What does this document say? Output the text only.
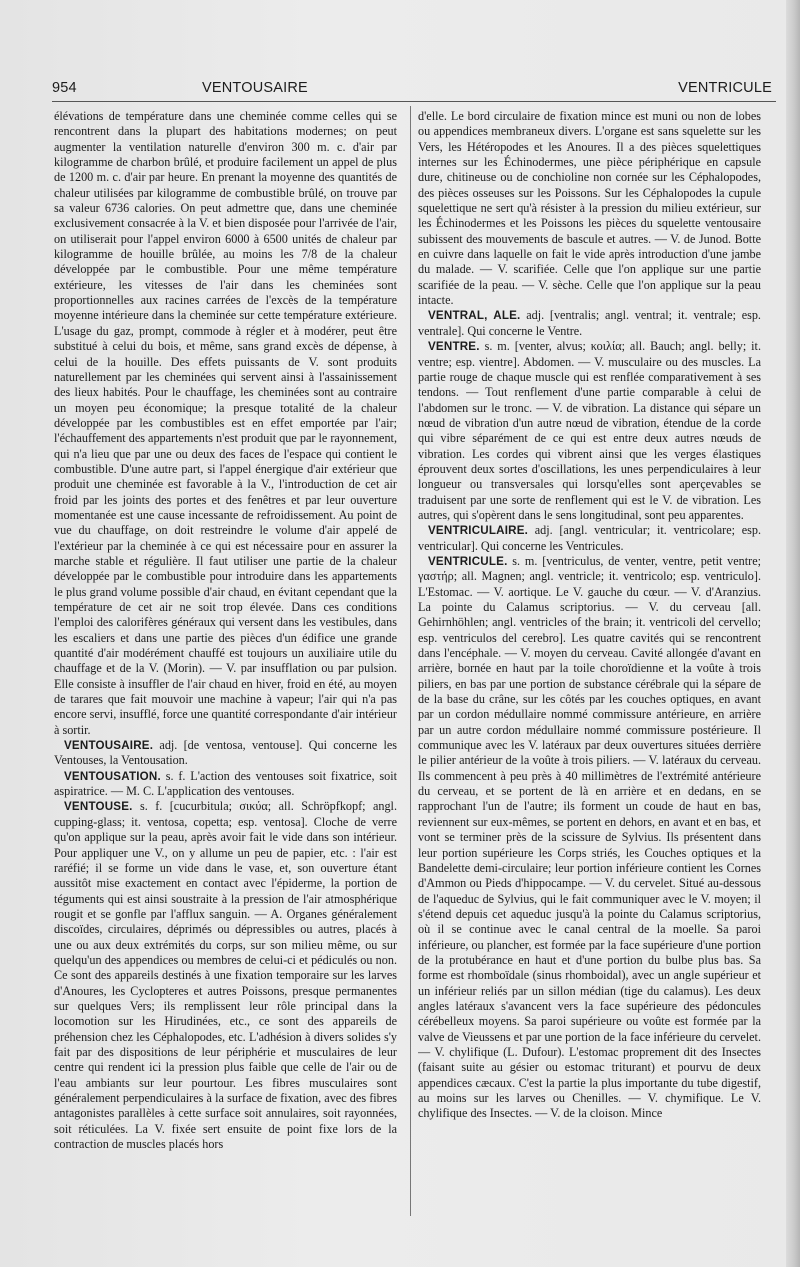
954	VENTOUSAIRE	VENTRICULE

élévations de température dans une cheminée comme celles qui se rencontrent dans la plupart des habitations modernes; on peut augmenter la ventilation naturelle d'environ 300 m. c. d'air par kilogramme de charbon brûlé, et produire facilement un appel de plus de 1200 m. c. d'air par heure. En prenant la moyenne des quantités de chaleur utilisées par kilogramme de combustible brûlé, on trouve par sa valeur 6736 calories. On peut admettre que, dans une cheminée exclusivement consacrée à la V. et bien disposée pour l'arrivée de l'air, on utiliserait pour l'appel environ 6000 à 6500 unités de chaleur par kilogramme de houille brûlée, au moins les 7/8 de la chaleur développée par le combustible. Pour une même température extérieure, les vitesses de l'air dans les cheminées sont proportionnelles aux racines carrées de l'excès de la température moyenne intérieure dans la cheminée sur cette température extérieure. L'usage du gaz, prompt, commode à régler et à modérer, peut être substitué à celui du bois, et même, sans grand excès de dépense, à celui de la houille. Des effets puissants de V. sont produits naturellement par les cheminées qui servent ainsi à l'assainissement des lieux habités. Pour le chauffage, les cheminées sont au contraire un moyen peu économique; la presque totalité de la chaleur développée par les combustibles est en effet emportée par l'air; l'échauffement des appartements n'est produit que par le rayonnement, qui n'a lieu que par une ou deux des faces de l'espace qui contient le combustible. D'une autre part, si l'appel énergique d'air extérieur que produit une cheminée est favorable à la V., l'introduction de cet air froid par les joints des portes et des fenêtres et par leur ouverture momentanée est une cause incessante de refroidissement. Au point de vue du chauffage, on doit restreindre le volume d'air appelé de l'extérieur par la cheminée à ce qui est nécessaire pour en assurer la marche stable et régulière. Il faut utiliser une partie de la chaleur développée par le combustible pour introduire dans les appartements le plus grand volume possible d'air chaud, en évitant cependant que la température de cet air ne soit trop élevée. Dans ces conditions l'emploi des calorifères généraux qui versent dans les vestibules, dans les escaliers et dans une partie des pièces d'un édifice une grande quantité d'air modérément chauffé est toujours un auxiliaire utile du chauffage et de la V. (Morin). — V. par insufflation ou par pulsion. Elle consiste à insuffler de l'air chaud en hiver, froid en été, au moyen de tarares que fait mouvoir une machine à vapeur; l'air qui n'a pas encore servi, insufflé, force une quantité correspondante d'air intérieur à sortir.

VENTOUSAIRE. adj. [de ventosa, ventouse]. Qui concerne les Ventouses, la Ventousation.

VENTOUSATION. s. f. L'action des ventouses soit fixatrice, soit aspiratrice. — M. C. L'application des ventouses.

VENTOUSE. s. f. [cucurbitula; σικύα; all. Schröpfkopf; angl. cupping-glass; it. ventosa, copetta; esp. ventosa]. Cloche de verre qu'on applique sur la peau, après avoir fait le vide dans son intérieur. Pour appliquer une V., on y allume un peu de papier, etc. : l'air est raréfié; il se forme un vide dans le vase, et, son ouverture étant aussitôt mise exactement en contact avec l'épiderme, la portion de téguments qui est ainsi soustraite à la pression de l'air atmosphérique rougit et se gonfle par l'afflux sanguin. — A. Organes généralement discoïdes, circulaires, déprimés ou dépressibles ou autres, placés à une ou aux deux extrémités du corps, sur son milieu même, ou sur quelqu'un des appendices ou membres de celui-ci et pédiculés ou non. Ce sont des appareils destinés à une fixation temporaire sur les larves d'Anoures, les Cyclopteres et autres Poissons, presque permanentes sur quelques Vers; ils remplissent leur rôle principal dans la locomotion sur les Hirudinées, etc., ce sont des appareils de préhension chez les Céphalopodes, etc. L'adhésion à divers solides s'y fait par des dispositions de leur périphérie et musculaires de leur centre qui rendent ici la pression plus faible que celle de l'air ou de l'eau ambiants sur leur pourtour. Les fibres musculaires sont généralement perpendiculaires à la surface de fixation, avec des fibres antagonistes parallèles à cette surface soit annulaires, soit rayonnées, soit réticulées. La V. fixée sert ensuite de point fixe lors de la contraction de muscles placés hors

d'elle. Le bord circulaire de fixation mince est muni ou non de lobes ou appendices membraneux divers. L'organe est sans squelette sur les Vers, les Hétéropodes et les Anoures. Il a des pièces squelettiques internes sur les Échinodermes, une pièce périphérique en capsule dure, chitineuse ou de conchioline non cornée sur les Céphalopodes, des pièces osseuses sur les Poissons. Sur les Céphalopodes la cupule squelettique ne sert qu'à résister à la pression du milieu extérieur, sur les Échinodermes et les Poissons les pièces du squelette ventousaire subissent des mouvements de bascule et autres. — V. de Junod. Botte en cuivre dans laquelle on fait le vide après introduction d'une jambe du malade. — V. scarifiée. Celle que l'on applique sur une partie scarifiée de la peau. — V. sèche. Celle que l'on applique sur la peau intacte.

VENTRAL, ALE. adj. [ventralis; angl. ventral; it. ventrale; esp. ventrale]. Qui concerne le Ventre.

VENTRE. s. m. [venter, alvus; κοιλία; all. Bauch; angl. belly; it. ventre; esp. vientre]. Abdomen. — V. musculaire ou des muscles. La partie rouge de chaque muscle qui est renflée comparativement à ses tendons. — Tout renflement d'une partie comparable à celui de l'abdomen sur le tronc. — V. de vibration. La distance qui sépare un nœud de vibration d'un autre nœud de vibration, étendue de la corde qui vibre séparément de ce qui est entre deux autres nœuds de vibration. Les cordes qui vibrent ainsi que les verges élastiques éprouvent deux sortes d'oscillations, les unes perpendiculaires à leur longueur ou transversales qui lorsqu'elles sont aperçevables se traduisent par une sorte de renflement qui est le V. de vibration. Les autres, qui s'opèrent dans le sens longitudinal, sont peu apparentes.

VENTRICULAIRE. adj. [angl. ventricular; it. ventricolare; esp. ventricular]. Qui concerne les Ventricules.

VENTRICULE. s. m. [ventriculus, de venter, ventre, petit ventre; γαστήρ; all. Magnen; angl. ventricle; it. ventricolo; esp. ventriculo]. L'Estomac. — V. aortique. Le V. gauche du cœur. — V. d'Aranzius. La pointe du Calamus scriptorius. — V. du cerveau [all. Gehirnhöhlen; angl. ventricles of the brain; it. ventricoli del cervello; esp. ventriculos del cerebro]. Les quatre cavités qui se rencontrent dans l'encéphale. — V. moyen du cerveau. Cavité allongée d'avant en arrière, bornée en haut par la toile choroïdienne et la voûte à trois piliers, en bas par une portion de substance cérébrale qui la sépare de de la base du crâne, sur les côtés par les couches optiques, en avant par un cordon médullaire nommé commissure antérieure, en arrière par un autre cordon médullaire nommé commissure postérieure. Il communique avec les V. latéraux par deux ouvertures situées derrière le pilier antérieur de la voûte à trois piliers. — V. latéraux du cerveau. Ils commencent à peu près à 40 millimètres de l'extrémité antérieure du cerveau, et se portent de là en arrière et en dedans, en se rapprochant l'un de l'autre; ils forment un coude de haut en bas, reviennent sur eux-mêmes, se portent en dehors, en avant et en bas, et vont se terminer près de la scissure de Sylvius. Ils présentent dans leur portion supérieure les Corps striés, les Couches optiques et la Bandelette demi-circulaire; leur portion inférieure contient les Cornes d'Ammon ou Pieds d'hippocampe. — V. du cervelet. Situé au-dessous de l'aqueduc de Sylvius, qui le fait communiquer avec le V. moyen; il s'étend depuis cet aqueduc jusqu'à la pointe du Calamus scriptorius, où il se continue avec le canal central de la moelle. Sa paroi inférieure, ou plancher, est formée par la face supérieure d'une portion de la protubérance en haut et d'une portion du bulbe plus bas. Sa forme est rhomboïdale (sinus rhomboidal), avec un angle supérieur et un inférieur reliés par un sillon médian (tige du calamus). Les deux angles latéraux s'avancent vers la face supérieure des pédoncules cérébelleux moyens. Sa paroi supérieure ou voûte est formée par la valve de Vieussens et par une portion de la face inférieure du cervelet. — V. chylifique (L. Dufour). L'estomac proprement dit des Insectes (faisant suite au gésier ou estomac triturant) et pourvu de deux appendices cæcaux. C'est la partie la plus importante du tube digestif, au moins sur les larves ou Chenilles. — V. chymifique. Le V. chylifique des Insectes. — V. de la cloison. Mince
